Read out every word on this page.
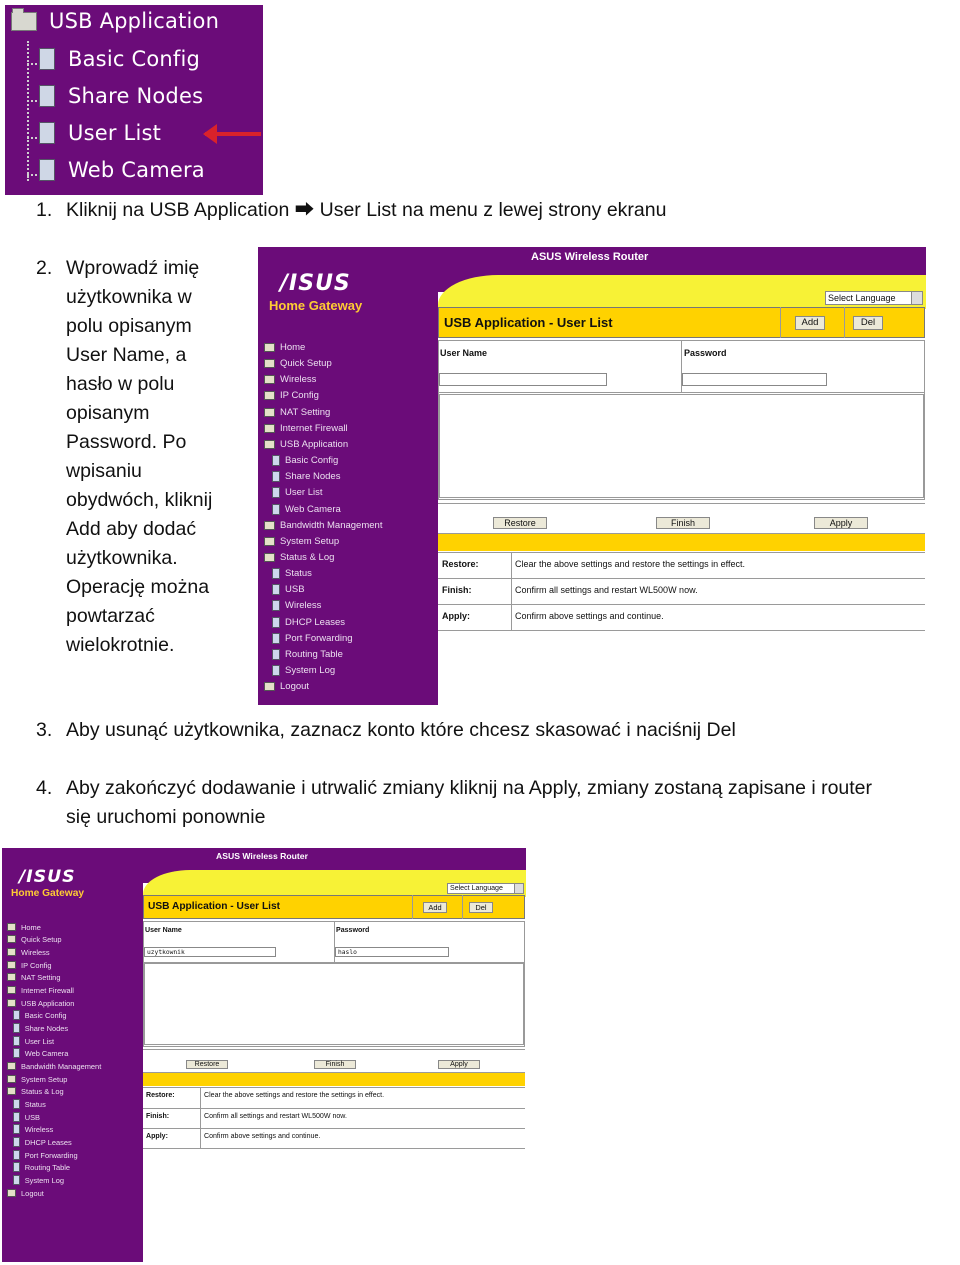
USB Application
Basic Config
Share Nodes
User List
Web Camera
1. Kliknij na USB Application ⮕ User List na menu z lewej strony ekranu
2. Wprowadź imię
użytkownika w
polu opisanym
User Name, a
hasło w polu
opisanym
Password. Po
wpisaniu
obydwóch, kliknij
Add aby dodać
użytkownika.
Operację można
powtarzać
wielokrotnie.
/ISUS
Home Gateway
ASUS Wireless Router
Select Language
USB Application - User List	Add	Del
User Name	Password
Restore	Finish	Apply
Restore:	Clear the above settings and restore the settings in effect.
Finish:	Confirm all settings and restart WL500W now.
Apply:	Confirm above settings and continue.
Home
Quick Setup
Wireless
IP Config
NAT Setting
Internet Firewall
USB Application
Basic Config
Share Nodes
User List
Web Camera
Bandwidth Management
System Setup
Status & Log
Status
USB
Wireless
DHCP Leases
Port Forwarding
Routing Table
System Log
Logout
3. Aby usunąć użytkownika, zaznacz konto które chcesz skasować i naciśnij Del
4. Aby zakończyć dodawanie i utrwalić zmiany kliknij na Apply, zmiany zostaną zapisane i router
się uruchomi ponownie
/ISUS
Home Gateway
ASUS Wireless Router
Select Language
USB Application - User List	Add	Del
User Name	Password
uzytkownik	haslo
Restore	Finish	Apply
Restore:	Clear the above settings and restore the settings in effect.
Finish:	Confirm all settings and restart WL500W now.
Apply:	Confirm above settings and continue.
Home
Quick Setup
Wireless
IP Config
NAT Setting
Internet Firewall
USB Application
Basic Config
Share Nodes
User List
Web Camera
Bandwidth Management
System Setup
Status & Log
Status
USB
Wireless
DHCP Leases
Port Forwarding
Routing Table
System Log
Logout
